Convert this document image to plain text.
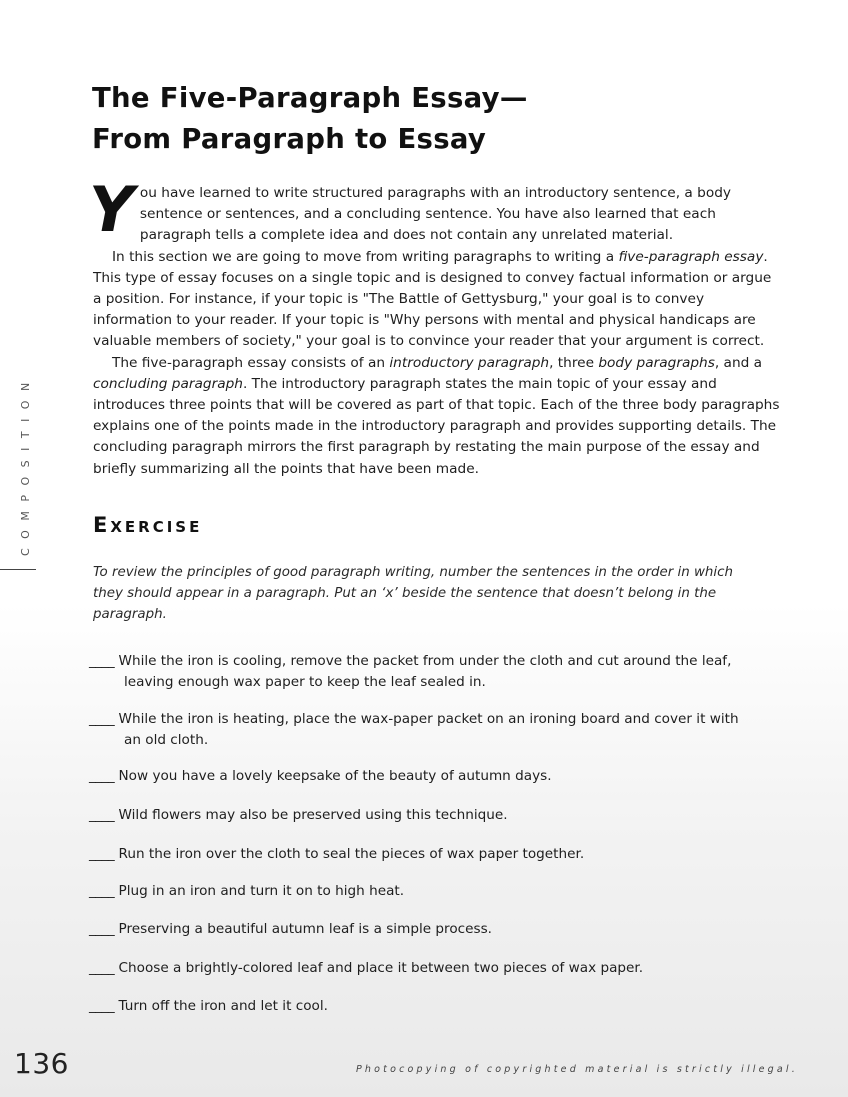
The Five-Paragraph Essay—
From Paragraph to Essay

You have learned to write structured paragraphs with an introductory sentence, a body sentence or sentences, and a concluding sentence. You have also learned that each paragraph tells a complete idea and does not contain any unrelated material.

In this section we are going to move from writing paragraphs to writing a five-paragraph essay. This type of essay focuses on a single topic and is designed to convey factual information or argue a position. For instance, if your topic is "The Battle of Gettysburg," your goal is to convey information to your reader. If your topic is "Why persons with mental and physical handicaps are valuable members of society," your goal is to convince your reader that your argument is correct.

The five-paragraph essay consists of an introductory paragraph, three body paragraphs, and a concluding paragraph. The introductory paragraph states the main topic of your essay and introduces three points that will be covered as part of that topic. Each of the three body paragraphs explains one of the points made in the introductory paragraph and provides supporting details. The concluding paragraph mirrors the first paragraph by restating the main purpose of the essay and briefly summarizing all the points that have been made.

Exercise

To review the principles of good paragraph writing, number the sentences in the order in which they should appear in a paragraph. Put an ‘x’ beside the sentence that doesn’t belong in the paragraph.

____ While the iron is cooling, remove the packet from under the cloth and cut around the leaf,
leaving enough wax paper to keep the leaf sealed in.

____ While the iron is heating, place the wax-paper packet on an ironing board and cover it with
an old cloth.

____ Now you have a lovely keepsake of the beauty of autumn days.

____ Wild flowers may also be preserved using this technique.

____ Run the iron over the cloth to seal the pieces of wax paper together.

____ Plug in an iron and turn it on to high heat.

____ Preserving a beautiful autumn leaf is a simple process.

____ Choose a brightly-colored leaf and place it between two pieces of wax paper.

____ Turn off the iron and let it cool.

COMPOSITION

136	Photocopying of copyrighted material is strictly illegal.
